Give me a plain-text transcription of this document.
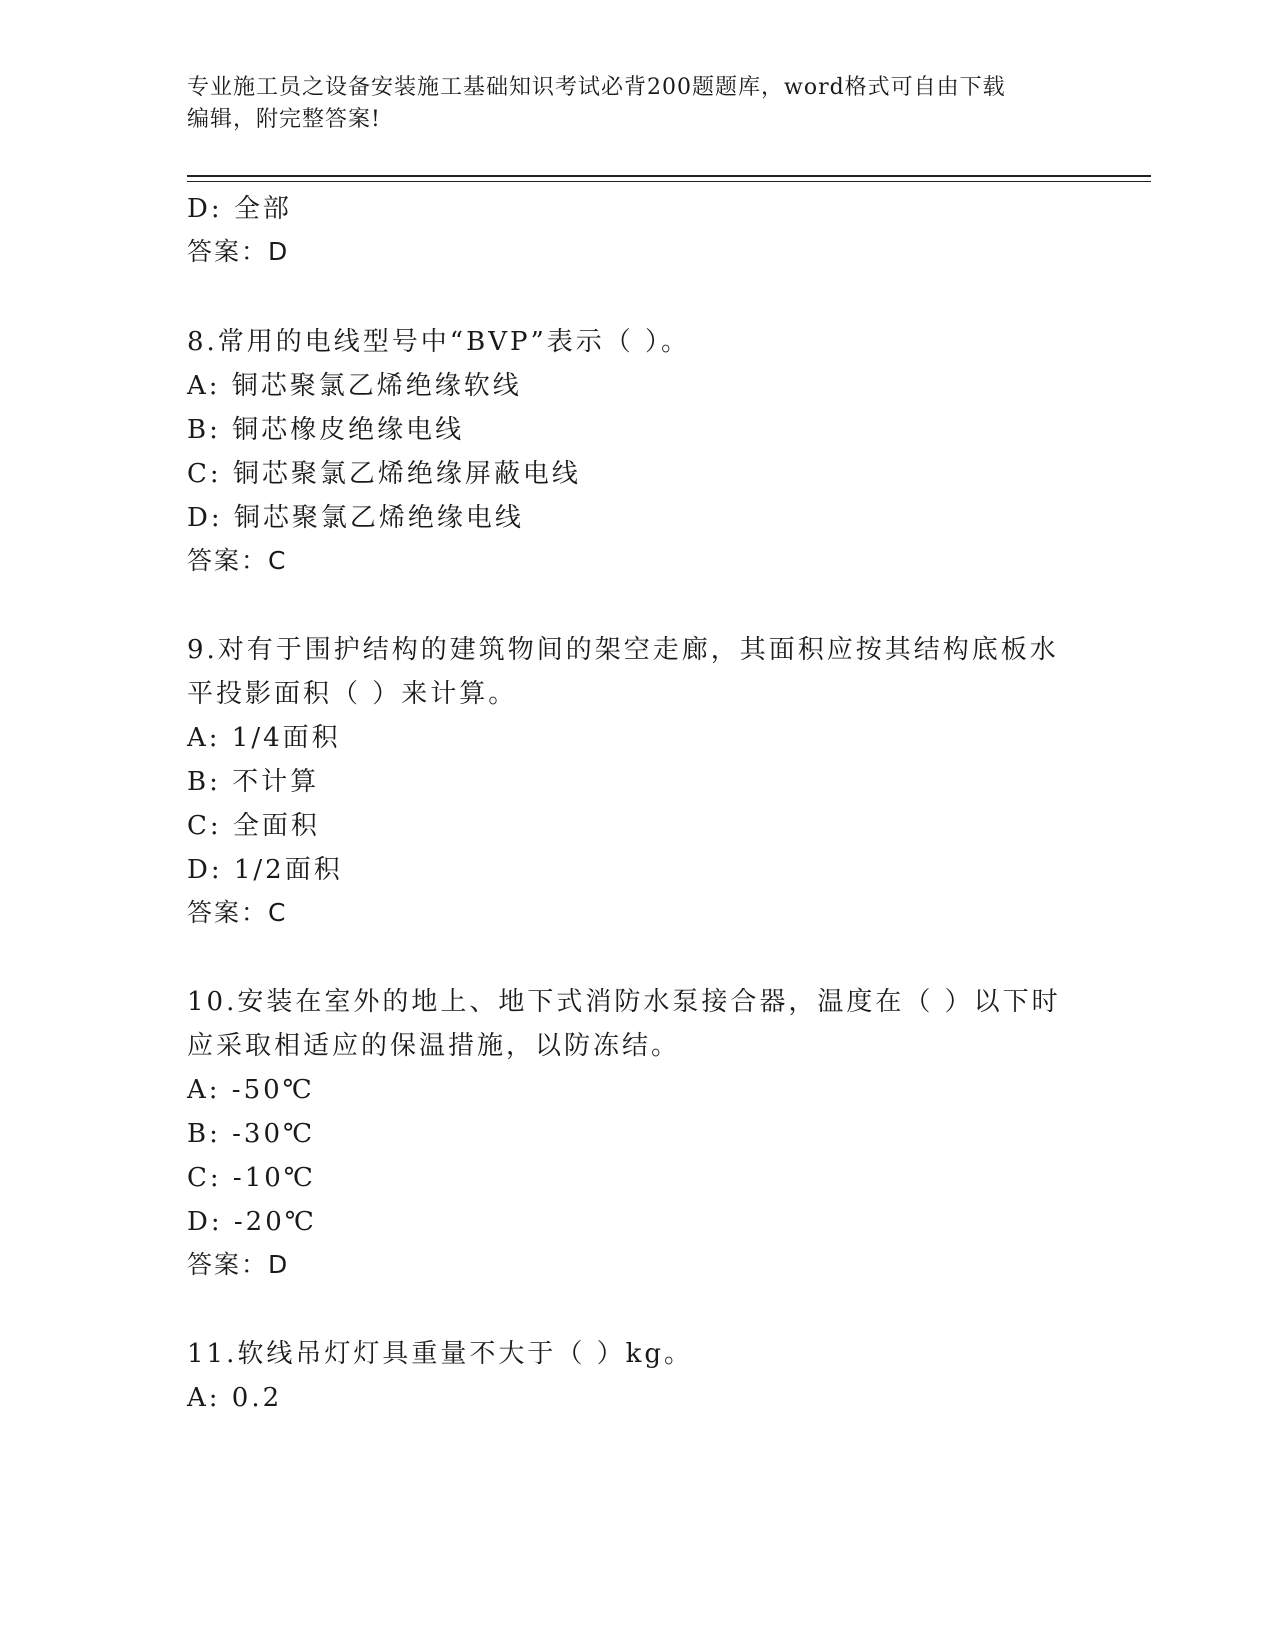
专业施工员之设备安装施工基础知识考试必背200题题库，word格式可自由下载
编辑，附完整答案!
D: 全部
答案：D
8.常用的电线型号中“BVP”表示（ ）。
A: 铜芯聚氯乙烯绝缘软线
B: 铜芯橡皮绝缘电线
C: 铜芯聚氯乙烯绝缘屏蔽电线
D: 铜芯聚氯乙烯绝缘电线
答案：C
9.对有于围护结构的建筑物间的架空走廊，其面积应按其结构底板水
平投影面积（ ）来计算。
A: 1/4面积
B: 不计算
C: 全面积
D: 1/2面积
答案：C
10.安装在室外的地上、地下式消防水泵接合器，温度在（ ）以下时
应采取相适应的保温措施，以防冻结。
A: -50℃
B: -30℃
C: -10℃
D: -20℃
答案：D
11.软线吊灯灯具重量不大于（ ）kg。
A: 0.2
